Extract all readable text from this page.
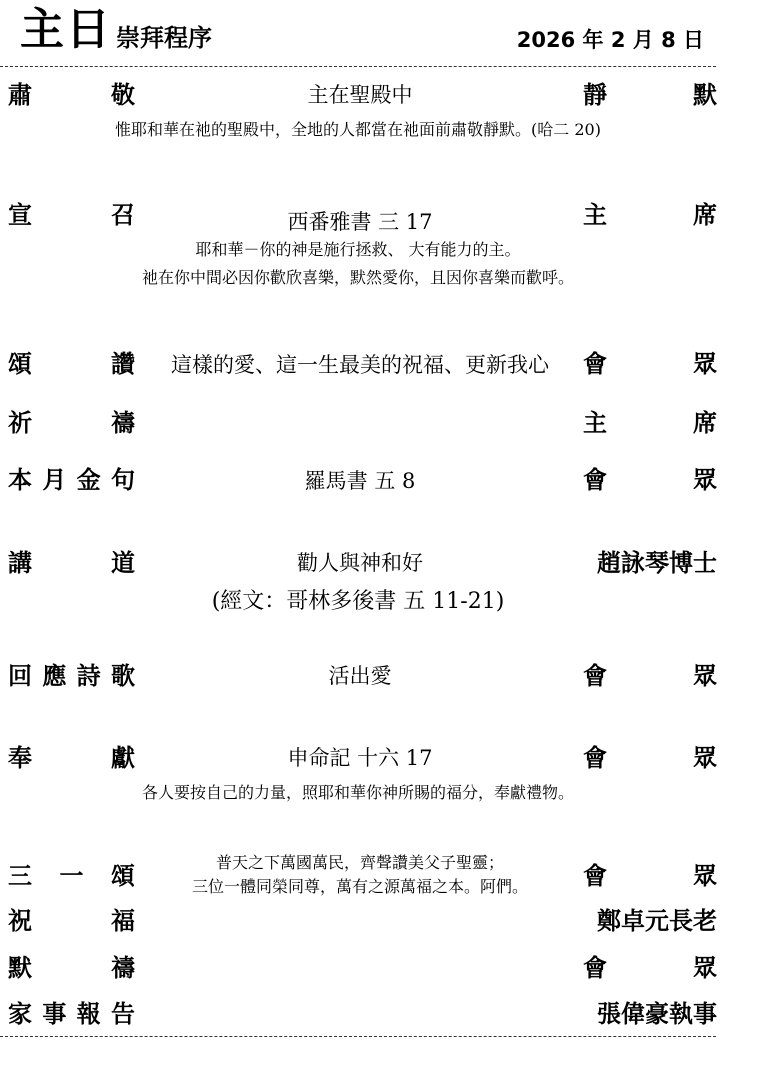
主日 崇拜程序	2026 年 2 月 8 日
肅	敬	主在聖殿中	靜	默
惟耶和華在祂的聖殿中，全地的人都當在祂面前肅敬靜默。(哈二 20)
宣	召	西番雅書 三 17	主	席
耶和華－你的神是施行拯救、 大有能力的主。
祂在你中間必因你歡欣喜樂，默然愛你，且因你喜樂而歡呼。
頌	讚	這樣的愛、這一生最美的祝福、更新我心	會	眾
祈	禱	主	席
本 月 金 句	羅馬書 五 8	會	眾
講	道	勸人與神和好	趙詠琴博士
(經文：哥林多後書 五 11-21)
回 應 詩 歌	活出愛	會	眾
奉	獻	申命記 十六 17	會	眾
各人要按自己的力量，照耶和華你神所賜的福分，奉獻禮物。
三 一 頌	普天之下萬國萬民，齊聲讚美父子聖靈；
三位一體同榮同尊，萬有之源萬福之本。阿們。	會	眾
祝	福	鄭卓元長老
默	禱	會	眾
家 事 報 告	張偉豪執事
